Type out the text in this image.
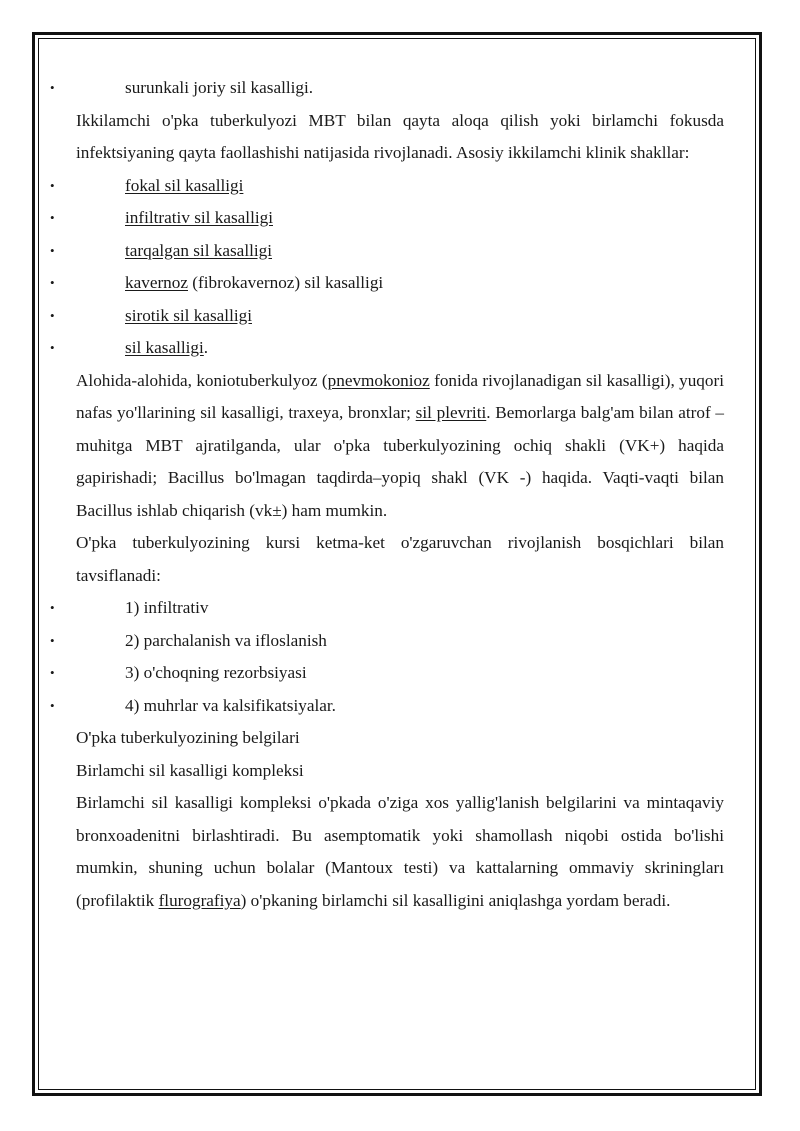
•	surunkali joriy sil kasalligi.

Ikkilamchi o'pka tuberkulyozi MBT bilan qayta aloqa qilish yoki birlamchi fokusda infektsiyaning qayta faollashishi natijasida rivojlanadi. Asosiy ikkilamchi klinik shakllar:

•	fokal sil kasalligi

•	infiltrativ sil kasalligi

•	tarqalgan sil kasalligi

•	kavernoz (fibrokavernoz) sil kasalligi

•	sirotik sil kasalligi

•	sil kasalligi.

Alohida-alohida, koniotuberkulyoz (pnevmokonioz fonida rivojlanadigan sil kasalligi), yuqori nafas yo'llarining sil kasalligi, traxeya, bronxlar; sil plevriti. Bemorlarga balg'am bilan atrof – muhitga MBT ajratilganda, ular o'pka tuberkulyozining ochiq shakli (VK+) haqida gapirishadi; Bacillus bo'lmagan taqdirda–yopiq shakl (VK -) haqida. Vaqti-vaqti bilan Bacillus ishlab chiqarish (vk±) ham mumkin.

O'pka tuberkulyozining kursi ketma-ket o'zgaruvchan rivojlanish bosqichlari bilan tavsiflanadi:

•	1) infiltrativ

•	2) parchalanish va ifloslanish

•	3) o'choqning rezorbsiyasi

•	4) muhrlar va kalsifikatsiyalar.

O'pka tuberkulyozining belgilari

Birlamchi sil kasalligi kompleksi

Birlamchi sil kasalligi kompleksi o'pkada o'ziga xos yallig'lanish belgilarini va mintaqaviy bronxoadenitni birlashtiradi. Bu asemptomatik yoki shamollash niqobi ostida bo'lishi mumkin, shuning uchun bolalar (Mantoux testi) va kattalarning ommaviy skriningları (profilaktik flurografiya) o'pkaning birlamchi sil kasalligini aniqlashga yordam beradi.
